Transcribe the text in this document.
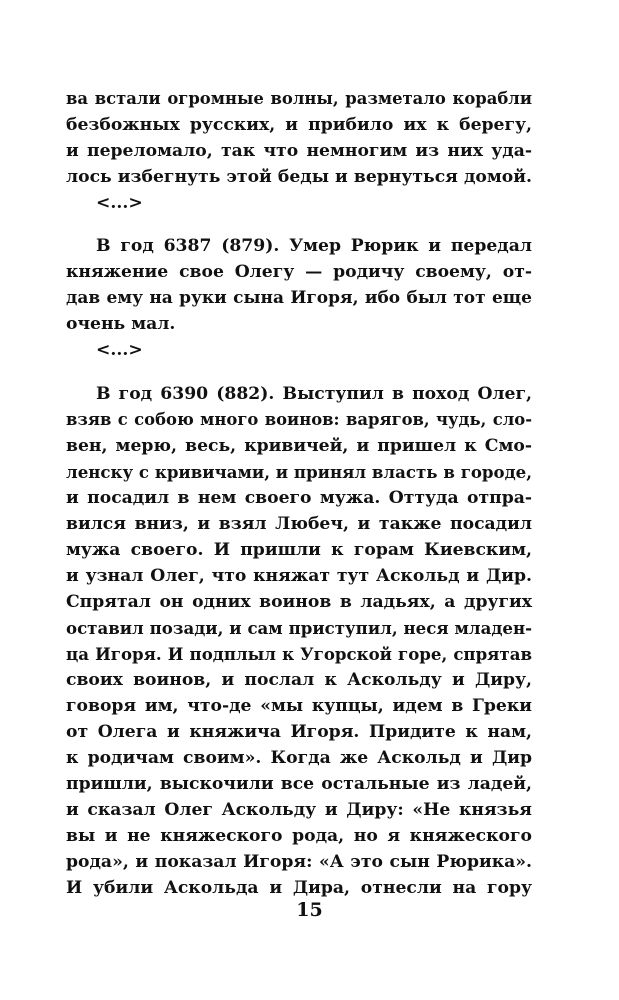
ва встали огромные волны, разметало корабли
безбожных русских, и прибило их к берегу,
и переломало, так что немногим из них уда-
лось избегнуть этой беды и вернуться домой.
<...>
В год 6387 (879). Умер Рюрик и передал
княжение свое Олегу — родичу своему, от-
дав ему на руки сына Игоря, ибо был тот еще
очень мал.
<...>
В год 6390 (882). Выступил в поход Олег,
взяв с собою много воинов: варягов, чудь, сло-
вен, мерю, весь, кривичей, и пришел к Смо-
ленску с кривичами, и принял власть в городе,
и посадил в нем своего мужа. Оттуда отпра-
вился вниз, и взял Любеч, и также посадил
мужа своего. И пришли к горам Киевским,
и узнал Олег, что княжат тут Аскольд и Дир.
Спрятал он одних воинов в ладьях, а других
оставил позади, и сам приступил, неся младен-
ца Игоря. И подплыл к Угорской горе, спрятав
своих воинов, и послал к Аскольду и Диру,
говоря им, что-де «мы купцы, идем в Греки
от Олега и княжича Игоря. Придите к нам,
к родичам своим». Когда же Аскольд и Дир
пришли, выскочили все остальные из ладей,
и сказал Олег Аскольду и Диру: «Не князья
вы и не княжеского рода, но я княжеского
рода», и показал Игоря: «А это сын Рюрика».
И убили Аскольда и Дира, отнесли на гору
15
